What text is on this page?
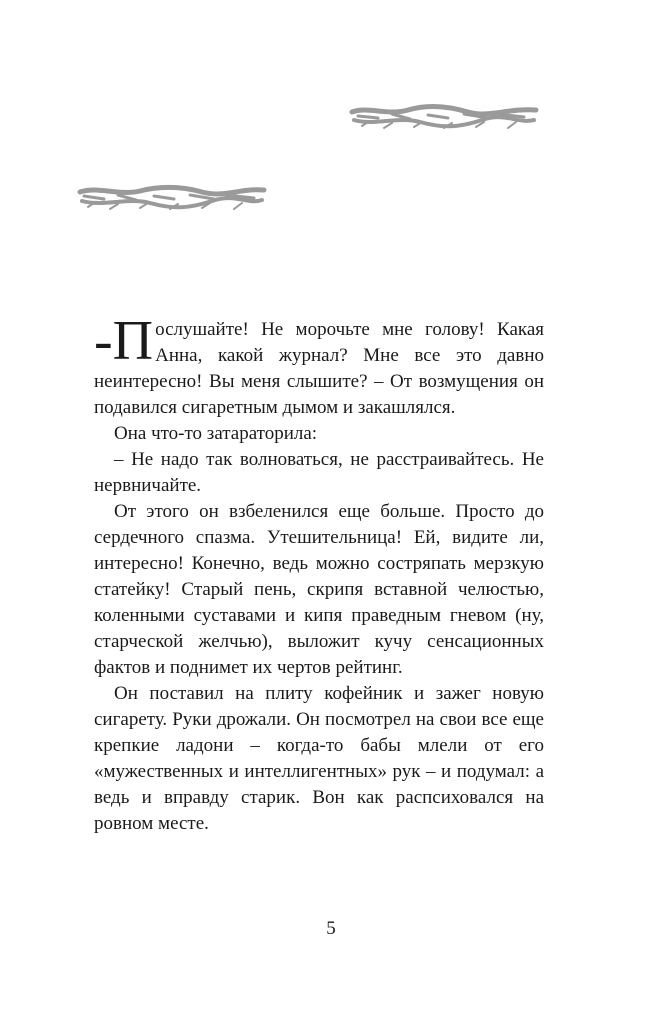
-П ослушайте! Не морочьте мне голову! Какая Анна, какой журнал? Мне все это давно неинтересно! Вы меня слышите? – От возмущения он подавился сигаретным дымом и закашлялся.

Она что-то затараторила:

– Не надо так волноваться, не расстраивайтесь. Не нервничайте.

От этого он взбеленился еще больше. Просто до сердечного спазма. Утешительница! Ей, видите ли, интересно! Конечно, ведь можно состряпать мерзкую статейку! Старый пень, скрипя вставной челюстью, коленными суставами и кипя праведным гневом (ну, старческой желчью), выложит кучу сенсационных фактов и поднимет их чертов рейтинг.

Он поставил на плиту кофейник и зажег новую сигарету. Руки дрожали. Он посмотрел на свои все еще крепкие ладони – когда-то бабы млели от его «мужественных и интеллигентных» рук – и подумал: а ведь и вправду старик. Вон как распсиховался на ровном месте.

5
